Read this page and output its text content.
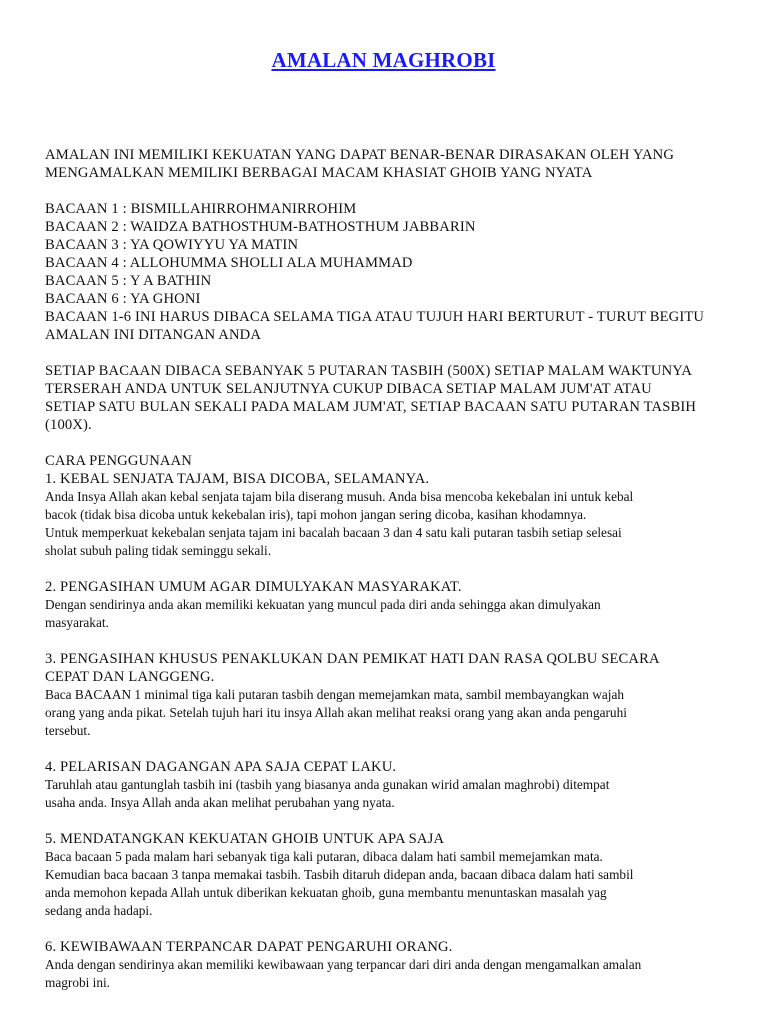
AMALAN MAGHROBI
AMALAN INI MEMILIKI KEKUATAN YANG DAPAT BENAR-BENAR DIRASAKAN OLEH YANG
MENGAMALKAN MEMILIKI BERBAGAI MACAM KHASIAT GHOIB YANG NYATA
BACAAN 1 : BISMILLAHIRROHMANIRROHIM
BACAAN 2 : WAIDZA BATHOSTHUM-BATHOSTHUM JABBARIN
BACAAN 3 : YA QOWIYYU YA MATIN
BACAAN 4 : ALLOHUMMA SHOLLI ALA MUHAMMAD
BACAAN 5 : Y A BATHIN
BACAAN 6 : YA GHONI
BACAAN 1-6 INI HARUS DIBACA SELAMA TIGA ATAU TUJUH HARI BERTURUT - TURUT BEGITU
AMALAN INI DITANGAN ANDA
SETIAP BACAAN DIBACA SEBANYAK 5 PUTARAN TASBIH (500X) SETIAP MALAM WAKTUNYA
TERSERAH ANDA UNTUK SELANJUTNYA CUKUP DIBACA SETIAP MALAM JUM'AT ATAU
SETIAP SATU BULAN SEKALI PADA MALAM JUM'AT, SETIAP BACAAN SATU PUTARAN TASBIH
(100X).
CARA PENGGUNAAN
1. KEBAL SENJATA TAJAM, BISA DICOBA, SELAMANYA.
Anda Insya Allah akan kebal senjata tajam bila diserang musuh. Anda bisa mencoba kekebalan ini untuk kebal
bacok (tidak bisa dicoba untuk kekebalan iris), tapi mohon jangan sering dicoba, kasihan khodamnya.
Untuk memperkuat kekebalan senjata tajam ini bacalah bacaan 3 dan 4 satu kali putaran tasbih setiap selesai
sholat subuh paling tidak seminggu sekali.
2. PENGASIHAN UMUM AGAR DIMULYAKAN MASYARAKAT.
Dengan sendirinya anda akan memiliki kekuatan yang muncul pada diri anda sehingga akan dimulyakan
masyarakat.
3. PENGASIHAN KHUSUS PENAKLUKAN DAN PEMIKAT HATI DAN RASA QOLBU SECARA
CEPAT DAN LANGGENG.
Baca BACAAN 1 minimal tiga kali putaran tasbih dengan memejamkan mata, sambil membayangkan wajah
orang yang anda pikat. Setelah tujuh hari itu insya Allah akan melihat reaksi orang yang akan anda pengaruhi
tersebut.
4. PELARISAN DAGANGAN APA SAJA CEPAT LAKU.
Taruhlah atau gantunglah tasbih ini (tasbih yang biasanya anda gunakan wirid amalan maghrobi) ditempat
usaha anda. Insya Allah anda akan melihat perubahan yang nyata.
5. MENDATANGKAN KEKUATAN GHOIB UNTUK APA SAJA
Baca bacaan 5 pada malam hari sebanyak tiga kali putaran, dibaca dalam hati sambil memejamkan mata.
Kemudian baca bacaan 3 tanpa memakai tasbih. Tasbih ditaruh didepan anda, bacaan dibaca dalam hati sambil
anda memohon kepada Allah untuk diberikan kekuatan ghoib, guna membantu menuntaskan masalah yag
sedang anda hadapi.
6. KEWIBAWAAN TERPANCAR DAPAT PENGARUHI ORANG.
Anda dengan sendirinya akan memiliki kewibawaan yang terpancar dari diri anda dengan mengamalkan amalan
magrobi ini.
